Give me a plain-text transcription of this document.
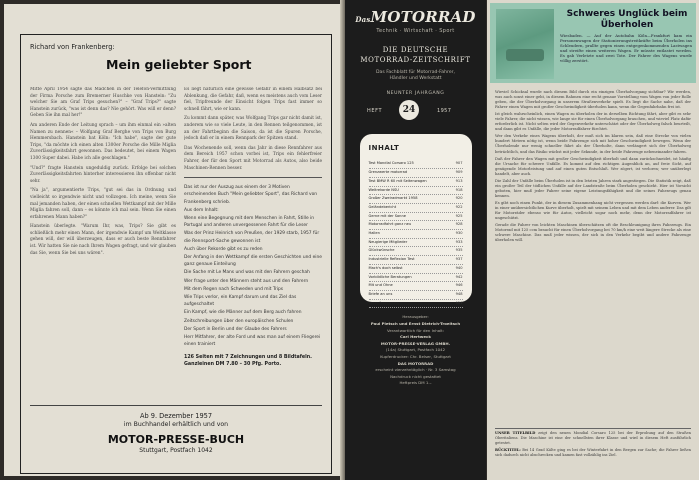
Richard von Frankenberg:
Mein geliebter Sport

Mitte April 1954 sagte das Mädchen in der Telefon-Vermittlung der Firma Porsche zum Bremerner Huschke von Hanstein: "Zu welcher Sie am Graf Trips gesuchen?" – "Graf Trips?" sagte Hanstein zurück, "was ist denn das? Nie gehört. Was will er denn? Geben Sie ihn mal her!"

Am anderen Ende der Leitung sprach – um ihm einmal ein »alten Namen zu nennen« – Wolfgang Graf Berghe von Trips von Burg Hemmersbach. Hanstein bat Köln: "Ich habe", sagte der gute Trips, "da möchte ich einen alten 1300er Porsche die Mille Miglia Zuverlässigkeitsfahrt gewonnen. Das bedeutet, bei einem Wagen 1300 Super dabei. Habe ich alle geschlagen."

"Und?" fragte Hanstein ungeduldig zurück. Erfolge bei solchen Zuverlässigkeitsfahrten hinterher interessieren ihn offenbar nicht sehr.

"Na ja", argumentierte Trips, "gut sei das in Ordnung und vielleicht so irgendwie nicht und vollzogen. Ich meine, wenn Sie mal jemanden haben, der einen schnellen Wettkampf mit der Mille Miglia fahren soll, dann – es könnte ich mal sein. Wenn Sie einen erfahrenen Mann haben?"

Hanstein überlegte. "Warum Ihr, was, Trips? Sie gibt es schließlich mehr einen Mann, der irgendwie Kampf um Weltklasse gehen will, der will überzeugen, dass er auch beste Rennfahrer ist. Wir hatten Sie nie nach Ihrem Wagen gefragt, und wir glauben das Sie, wenn Sie bei uns wären".

Es liegt natürlich eine gewisse Gefahr in einem Halbsatz bei Ablenkung, die Gefahr, daß, wenn es meistens auch vom Leser fiel, Tripfreunde der Einsicht folgen Trips fast immer so schnell fährt, wie er kann.

Zu kommt dann später, was Wolfgang Trips gar nicht damit ist, anderem wie so viele Leute, in den Rennen teilgenommen, ist an der Fahrtbeginn die Saison, da ist die Spuren Porsche, jedoch daß er in einem Rennpark der Spitzen stand.

Das Wochenende soll, wenn das Jahr in diese Rennfahrer aus dem Bereich 1957 schon vorbei ist, Trips ein fehlerfreier Fahrer, der für den Sport mit Motorrad als Autos, also beide Maschinen-Rennen besser.

Das ist nur der Auszug aus einem der 3 Motiven erscheinenden Buch "Mein geliebter Sport", das Richard von Frankenberg schrieb.
Aus dem Inhalt:
Wenn eine Begegnung mit dem Menschen in Fahrt, Stille in Portugal und anderen unvergessenen Fahrt für die Leser
Was der Prinz Heinrich von Preußen, der 1929 starb, 1957 für die Rennsport-Sache gewonnen ist
Auch über Rekorde gibt es zu reden
Der Anfang in den Wettkampf die ersten Geschichten und eine ganz genaue Einteilung
Die Sache mit Le Mans und was mit den Fahrern geschah
Wer frage unter den Männern steht aus und den Fahrern
Mit dem Regen nach Schweden und mit Trips
Wie Trips verlor, ein Kampf darum und das Ziel das aufgeschaltet
Ein Kampf, wie die Männer auf dem Berg auch fahren
Zeitschreibungen über den europäischen Schulen
Der Sport in Berlin und der Glaube des Fahrers
Herr Mitfahrer, der alte Ford und was man auf einem Fliegerei einen trainiert
126 Seiten mit 7 Zeichnungen und 8 Bildtafeln. Ganzleinen DM 7.80 – 30 Pfg. Porto.
Ab 9. Dezember 1957
im Buchhandel erhältlich und von
MOTOR-PRESSE-BUCH
Stuttgart, Postfach 1042
DasMOTORRAD
Technik · Wirtschaft · Sport
DIE DEUTSCHE
MOTORRAD-ZEITSCHRIFT
Das Fachblatt für Motorrad-Fahrer,
Händler und Werkstatt
NEUNTER JAHRGANG
HEFT	24	1957
INHALT
Test Mondial Corsaro 125	907
Grenzwerte motorrad	909
Test BMW R 60 mit Seitenwagen	913
Weltrekorde NSU	918
Großer Zweiradmarkt 1958	920
Geländebericht	922
Gerne mit der Sonne	925
Motorradfahrt ganz neu	928
Hallen	930
Neugierige Mitglieder	933
Glückwünsche	935
Industrielle Reflexion Test	937
Mach's doch selbst	940
Vorbildliche Beratungen	942
Mit und Ohne	946
Briefe an uns	948
Leser fragen uns	951
Herausgeber:
Paul Pietsch und Ernst Dietrich-Troeltsch
Verantwortlich für den Inhalt:
Carl Hertweck
MOTOR-PRESSE-VERLAG GMBH.
(14a) Stuttgart, Postfach 1042
Kupferdrucker: Chr. Belser, Stuttgart
DAS MOTORRAD
erscheint vierzehntäglich · Nr. 3 Samstag
Nachdruck nicht gestattet
Heftpreis DM 1.–
Schweres Unglück beim Überholen
Wiesbaden. — Auf der Autobahn Köln—Frankfurt kam ein Personenwagen der Stationierungstreitkräfte beim Überholen ins Schleudern, prallte gegen einen entgegenkommenden Lastwagen und streifte einen weiteren Wagen. Er müsste entlastet werden. Es gab Verletzte und zwei Tote. Der Fahrer des Wagens wurde völlig zerstört.

Wieviel Schicksal wurde nach diesem Bild durch ein einzigen Überholvorgang sichtbar? Wir werden, was auch sonst einer geht, in diesem Rahmen eine recht genaue Vorstellung vom Wagen von jeder Rolle geben, die der Überholvorgang in unserem Straßenverkehr spielt. Es liegt die Sache nahe, daß der Fahrer einen Wagen mit großer Geschwindigkeit überholen kann, wenn die Gegenfahrbahn frei ist.

Ist gleich wahrscheinlich, einen Wagen zu überholen der in derselben Richtung fährt, aber gibt es sehr viele Fahrer, die nicht wissen, wie lange sie für einen Überholvorgang brauchen, und wieviel Platz dafür erforderlich ist. Nicht selten wird der Gegenverkehr unterschätzt oder der Überholweg falsch beurteilt, und dann gibt es Unfälle, die jeder Motorradfahrer fürchtet.

Wer den Verkehr eines Wagens überholt, der muß sich im klaren sein, daß eine Strecke von vielen hundert Metern nötig ist, wenn beide Fahrzeuge sich mit hoher Geschwindigkeit bewegen. Wenn der Überholende nur wenig schneller fährt als der Überholte, dann verlängert sich der Überholweg beträchtlich, und das Risiko wächst mit jeder Sekunde, in der beide Fahrzeuge nebeneinander fahren.

Daß der Fahrer den Wagen mit großer Geschwindigkeit überholt und dann zurückschneidet, ist häufig die Ursache für schwere Unfälle. Es kommt auf den richtigen Augenblick an, auf freie Sicht, auf genügende Motorleistung und auf einen guten Entschluß. Wer zögert, ist verloren; wer unüberlegt handelt, aber auch.

Die Zahl der Unfälle beim Überholen ist in den letzten Jahren stark angestiegen. Die Statistik zeigt, daß ein großer Teil der tödlichen Unfälle auf der Landstraße beim Überholen geschieht. Hier ist Vorsicht geboten, hier muß jeder Fahrer seine eigene Leistungsfähigkeit und die seines Fahrzeugs genau kennen.

Es gibt noch einen Punkt, der in diesem Zusammenhang nicht vergessen werden darf: die Kurven. Wer in einer unübersichtlichen Kurve überholt, spielt mit seinem Leben und mit dem Leben anderer. Das gilt für Motorräder ebenso wie für Autos, vielleicht sogar noch mehr, denn der Motorradfahrer ist ungeschützt.

Gerade die Fahrer von leichten Maschinen überschätzen oft die Beschleunigung ihres Fahrzeugs. Ein Motorrad mit 125 ccm braucht für einen Überholvorgang bei 70 km/h eine weit längere Strecke als eine schwere Maschine. Das muß jeder wissen, der sich in den Verkehr begibt und andere Fahrzeuge überholen will.

UNSER TITELBILD zeigt den neuen Mondial Corsaro 125 bei der Erprobung auf den Straßen Oberitaliens. Die Maschine ist eine der schnellsten ihrer Klasse und wird in diesem Heft ausführlich getestet.

RÜCKTITEL: Bei 14 Grad Kälte ging es bei der Winterfahrt in den Bergen zur Sache; die Fahrer ließen sich dadurch nicht abschrecken und kamen fast vollzählig ins Ziel.
